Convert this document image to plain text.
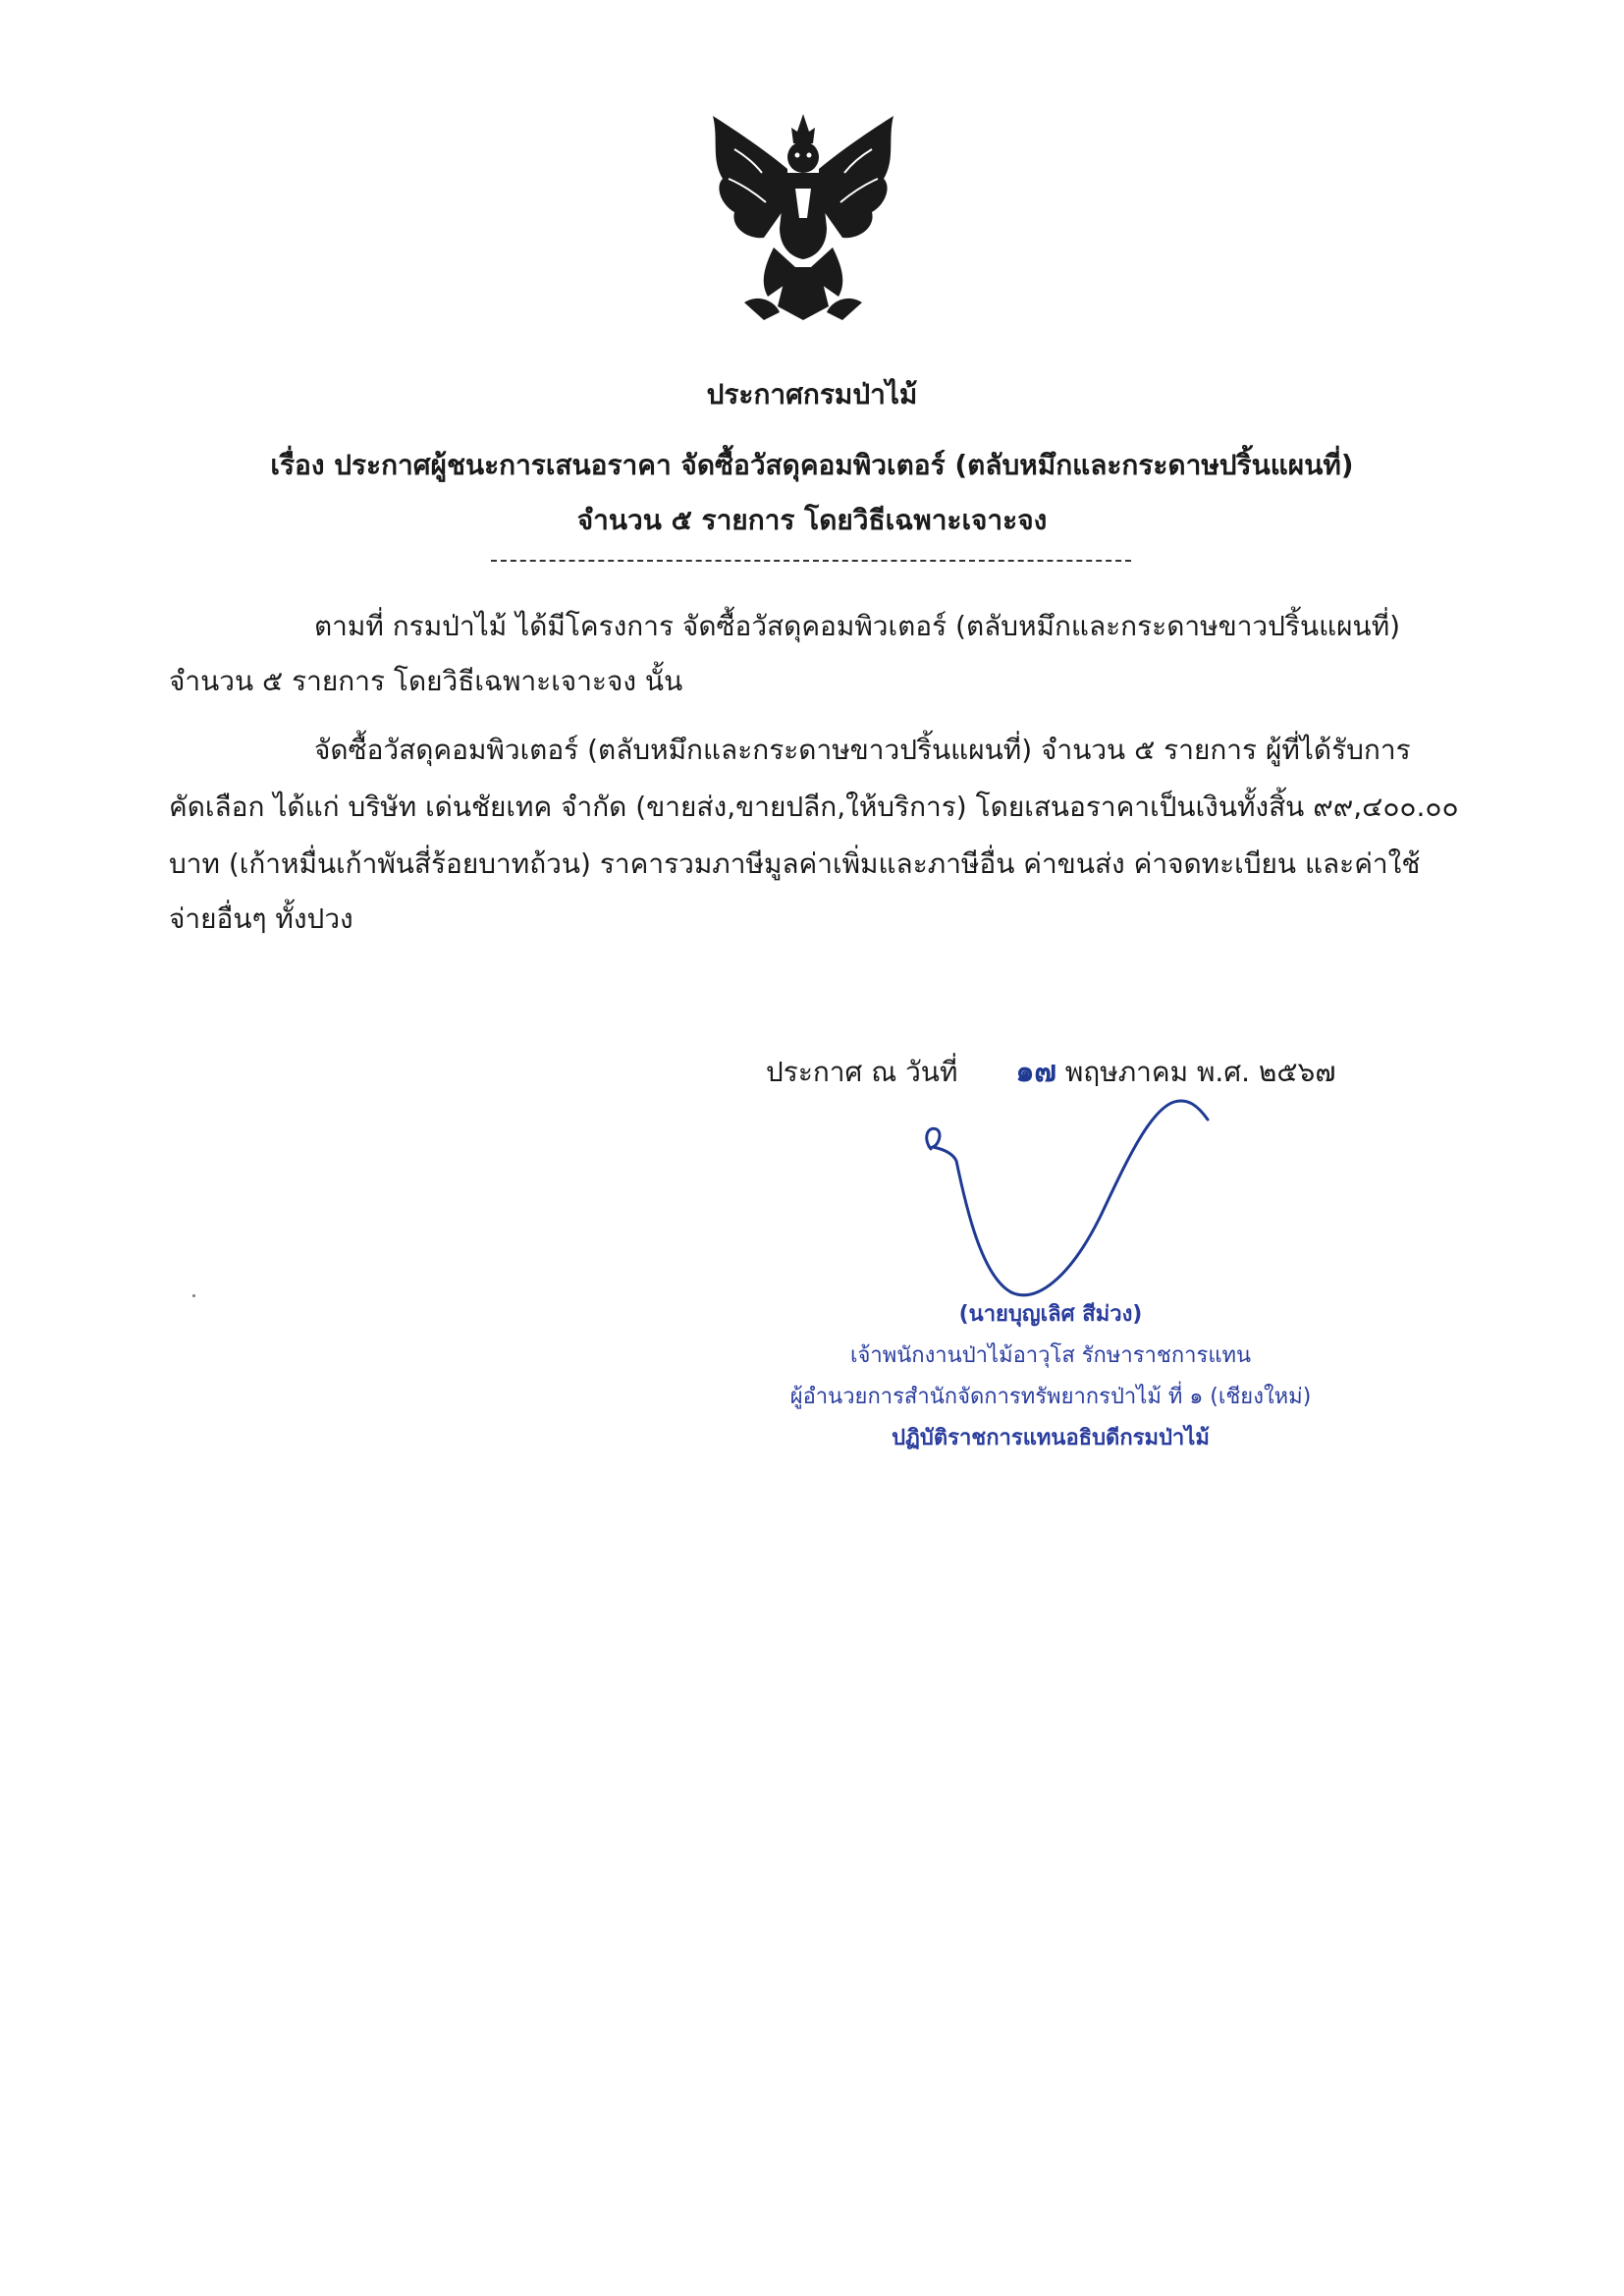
ประกาศกรมป่าไม้
เรื่อง ประกาศผู้ชนะการเสนอราคา จัดซื้อวัสดุคอมพิวเตอร์ (ตลับหมึกและกระดาษปริ้นแผนที่)
จำนวน ๕ รายการ โดยวิธีเฉพาะเจาะจง
ตามที่ กรมป่าไม้ ได้มีโครงการ จัดซื้อวัสดุคอมพิวเตอร์ (ตลับหมึกและกระดาษขาวปริ้นแผนที่)
จำนวน ๕ รายการ โดยวิธีเฉพาะเจาะจง นั้น
จัดซื้อวัสดุคอมพิวเตอร์ (ตลับหมึกและกระดาษขาวปริ้นแผนที่) จำนวน ๕ รายการ ผู้ที่ได้รับการ
คัดเลือก ได้แก่ บริษัท เด่นชัยเทค จำกัด (ขายส่ง,ขายปลีก,ให้บริการ) โดยเสนอราคาเป็นเงินทั้งสิ้น ๙๙,๔๐๐.๐๐
บาท (เก้าหมื่นเก้าพันสี่ร้อยบาทถ้วน) ราคารวมภาษีมูลค่าเพิ่มและภาษีอื่น ค่าขนส่ง ค่าจดทะเบียน และค่าใช้
จ่ายอื่นๆ ทั้งปวง
ประกาศ ณ วันที่ ๑๗ พฤษภาคม พ.ศ. ๒๕๖๗
(นายบุญเลิศ สีม่วง)
เจ้าพนักงานป่าไม้อาวุโส รักษาราชการแทน
ผู้อำนวยการสำนักจัดการทรัพยากรป่าไม้ ที่ ๑ (เชียงใหม่)
ปฏิบัติราชการแทนอธิบดีกรมป่าไม้
